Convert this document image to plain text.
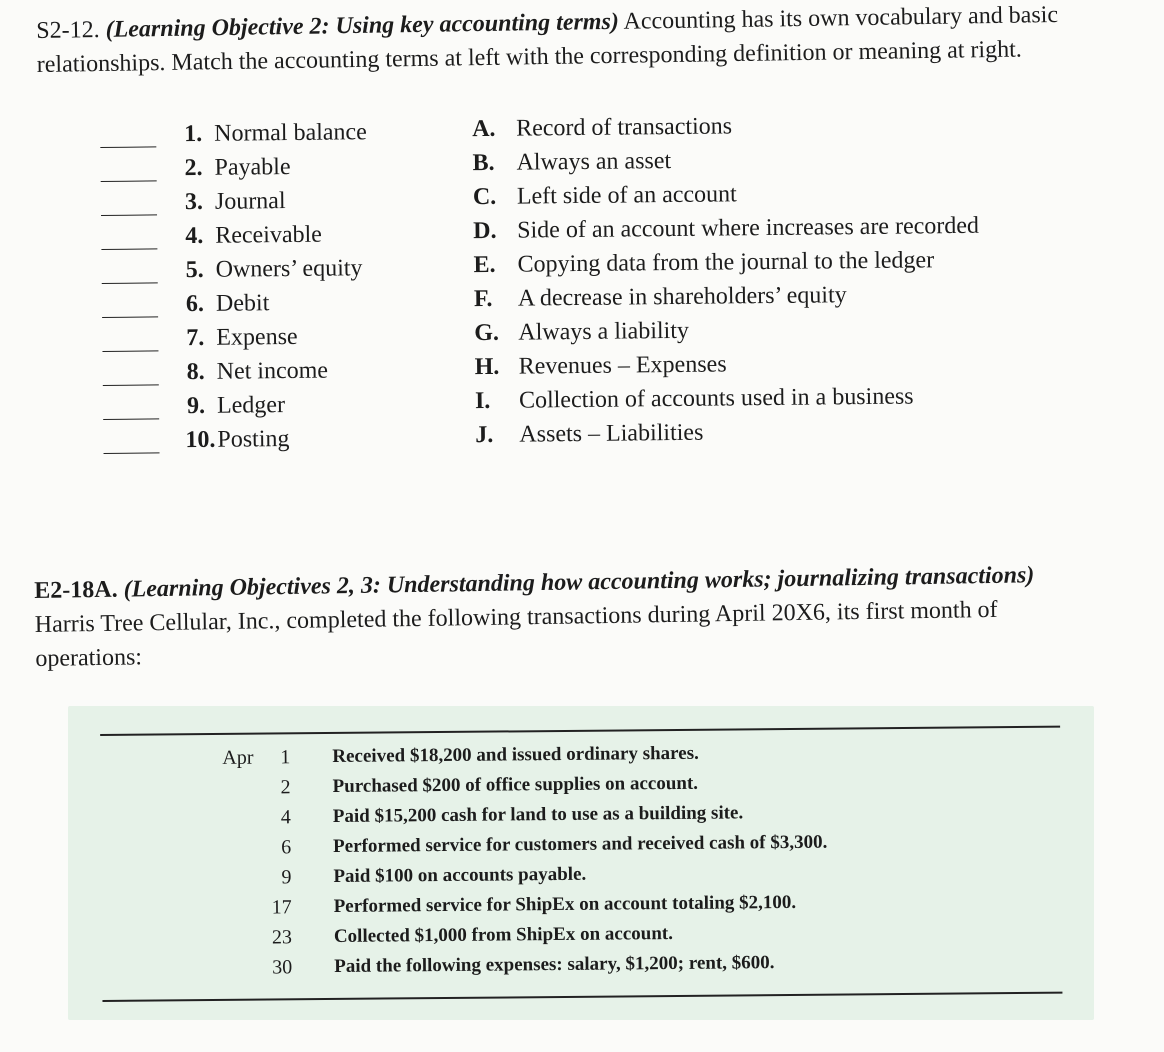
S2-12. (Learning Objective 2: Using key accounting terms) Accounting has its own vocabulary and basic relationships. Match the accounting terms at left with the corresponding definition or meaning at right.
1. Normal balance
2. Payable
3. Journal
4. Receivable
5. Owners’ equity
6. Debit
7. Expense
8. Net income
9. Ledger
10. Posting
A. Record of transactions
B. Always an asset
C. Left side of an account
D. Side of an account where increases are recorded
E. Copying data from the journal to the ledger
F. A decrease in shareholders’ equity
G. Always a liability
H. Revenues – Expenses
I. Collection of accounts used in a business
J. Assets – Liabilities
E2-18A. (Learning Objectives 2, 3: Understanding how accounting works; journalizing transactions) Harris Tree Cellular, Inc., completed the following transactions during April 20X6, its first month of operations:
Apr	1 Received $18,200 and issued ordinary shares.
2 Purchased $200 of office supplies on account.
4 Paid $15,200 cash for land to use as a building site.
6 Performed service for customers and received cash of $3,300.
9 Paid $100 on accounts payable.
17 Performed service for ShipEx on account totaling $2,100.
23 Collected $1,000 from ShipEx on account.
30 Paid the following expenses: salary, $1,200; rent, $600.
